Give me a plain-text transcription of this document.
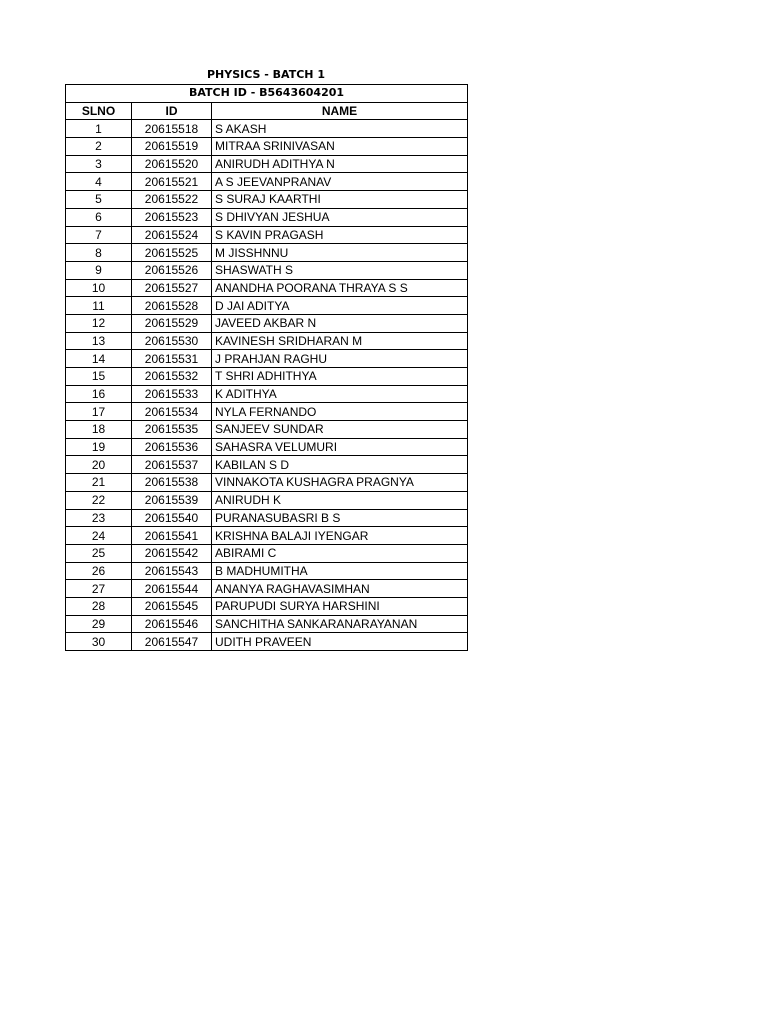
PHYSICS - BATCH 1
BATCH ID - B5643604201		
SLNO	ID	NAME
1	20615518	S AKASH
2	20615519	MITRAA SRINIVASAN
3	20615520	ANIRUDH ADITHYA N
4	20615521	A S JEEVANPRANAV
5	20615522	S SURAJ KAARTHI
6	20615523	S DHIVYAN JESHUA
7	20615524	S KAVIN PRAGASH
8	20615525	M JISSHNNU
9	20615526	SHASWATH S
10	20615527	ANANDHA POORANA THRAYA S S
11	20615528	D JAI ADITYA
12	20615529	JAVEED AKBAR N
13	20615530	KAVINESH SRIDHARAN M
14	20615531	J PRAHJAN RAGHU
15	20615532	T SHRI ADHITHYA
16	20615533	K ADITHYA
17	20615534	NYLA FERNANDO
18	20615535	SANJEEV SUNDAR
19	20615536	SAHASRA VELUMURI
20	20615537	KABILAN S D
21	20615538	VINNAKOTA KUSHAGRA PRAGNYA
22	20615539	ANIRUDH K
23	20615540	PURANASUBASRI B S
24	20615541	KRISHNA BALAJI IYENGAR
25	20615542	ABIRAMI C
26	20615543	B MADHUMITHA
27	20615544	ANANYA RAGHAVASIMHAN
28	20615545	PARUPUDI SURYA HARSHINI
29	20615546	SANCHITHA SANKARANARAYANAN
30	20615547	UDITH PRAVEEN
